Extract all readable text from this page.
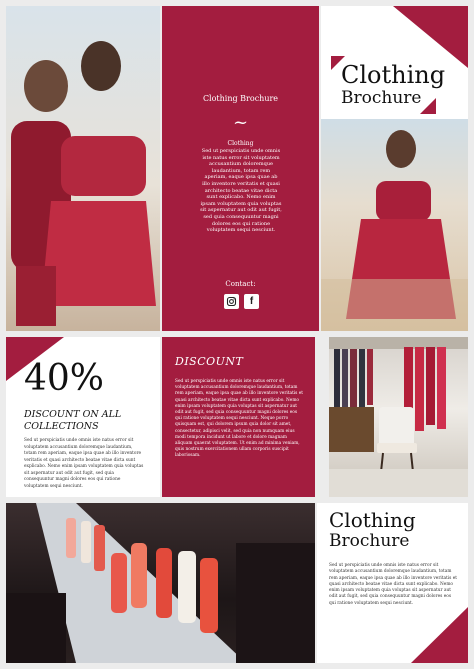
Clothing Brochure
~
Clothing
Sed ut perspiciatis unde omnis iste natus error sit voluptatem accusantium doloremque laudantium, totam rem aperiam, eaque ipsa quae ab illo inventore veritatis et quasi architecto beatae vitae dicta sunt explicabo. Nemo enim ipsam voluptatem quia voluptas sit aspernatur aut odit aut fugit, sed quia consequuntur magni dolores eos qui ratione voluptatem sequi nesciunt.
Contact:
f
Clothing
Brochure
40%
DISCOUNT ON ALL
COLLECTIONS
Sed ut perspiciatis unde omnis iste natus error sit voluptatem accusantium doloremque laudantium, totam rem aperiam, eaque ipsa quae ab illo inventore veritatis et quasi architecto beatae vitae dicta sunt explicabo. Nemo enim ipsam voluptatem quia voluptas sit aspernatur aut odit aut fugit, sed quia consequuntur magni dolores eos qui ratione voluptatem sequi nesciunt.
DISCOUNT
Sed ut perspiciatis unde omnis iste natus error sit voluptatem accusantium doloremque laudantium, totam rem aperiam, eaque ipsa quae ab illo inventore veritatis et quasi architecto beatae vitae dicta sunt explicabo. Nemo enim ipsam voluptatem quia voluptas sit aspernatur aut odit aut fugit, sed quia consequuntur magni dolores eos qui ratione voluptatem sequi nesciunt. Neque porro quisquam est, qui dolorem ipsum quia dolor sit amet, consectetur, adipisci velit, sed quia non numquam eius modi tempora incidunt ut labore et dolore magnam aliquam quaerat voluptatem. Ut enim ad minima veniam, quis nostrum exercitationem ullam corporis suscipit laboriosam.
Clothing
Brochure
Sed ut perspiciatis unde omnis iste natus error sit voluptatem accusantium doloremque laudantium, totam rem aperiam, eaque ipsa quae ab illo inventore veritatis et quasi architecto beatae vitae dicta sunt explicabo. Nemo enim ipsam voluptatem quia voluptas sit aspernatur aut odit aut fugit, sed quia consequuntur magni dolores eos qui ratione voluptatem sequi nesciunt.
